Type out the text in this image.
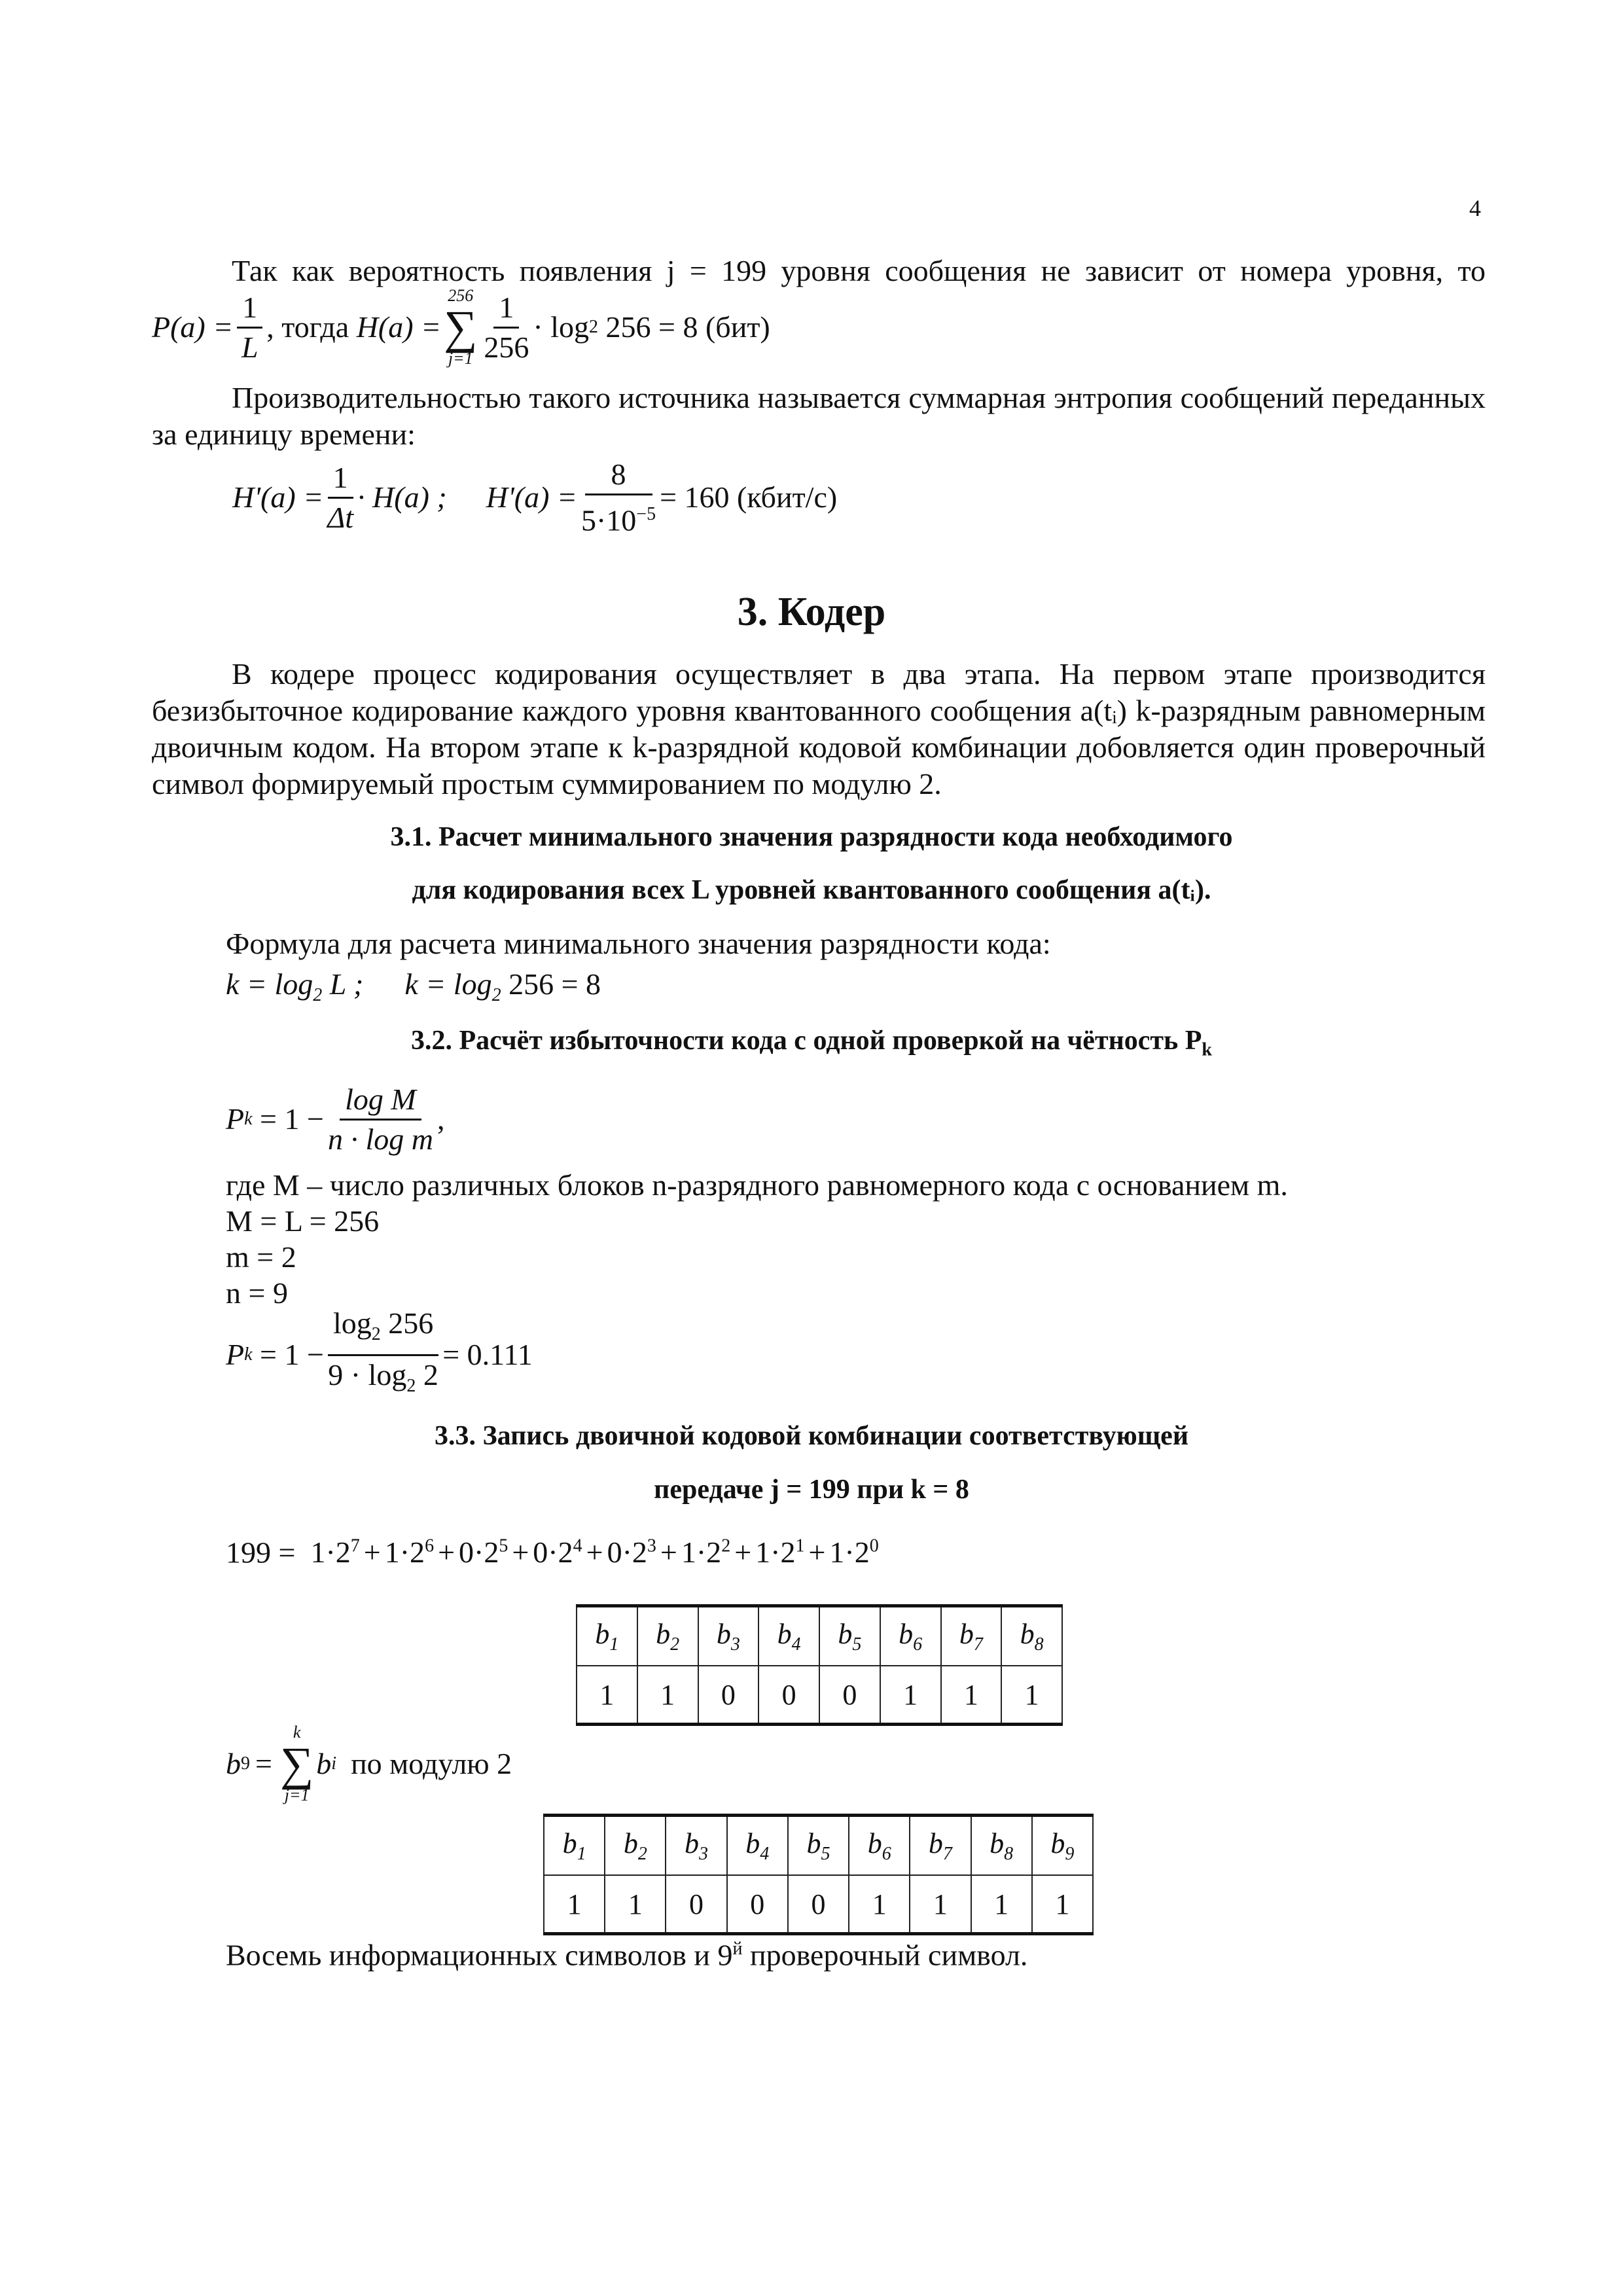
4
Так как вероятность появления j = 199 уровня сообщения не зависит от номера уровня, то
$P(a) = \frac{1}{L}$ , тогда
H(a) =
256
∑
$j=1 \frac{1}{256} \cdot \log 2$ 256 = 8 (бит)
Производительностью такого источника называется суммарная энтропия сообщений переданных за единицу времени:
$H'(a) = \frac{1}{\Delta t} \cdot H(a)$ ; $H'(a) = \frac{8}{5\cdot 10^{-5}} = 160$ (кбит/с)
3. Кодер
В кодере процесс кодирования осуществляет в два этапа. На первом этапе производится безизбыточное кодирование каждого уровня квантованного сообщения a(tᵢ) k-разрядным равномерным двоичным кодом. На втором этапе к k-разрядной кодовой комбинации добовляется один проверочный символ формируемый простым суммированием по модулю 2.
3.1. Расчет минимального значения разрядности кода необходимого
для кодирования всех L уровней квантованного сообщения a(tᵢ).
Формула для расчета минимального значения разрядности кода:
$k = \log_2 L$ ; $k = \log_2 256 = 8$
3.2. Расчёт избыточности кода с одной проверкой на чётность $P_k$
P $k = 1 - \frac{\text{log M}}{\text{n · log m}}$ ,
где M – число различных блоков n-разрядного равномерного кода с основанием m.
M = L = 256
m = 2
n = 9
P $k = 1 - \frac{\log_2 256}{9 \cdot \log_2 2} = 0.111$
3.3. Запись двоичной кодовой комбинации соответствующей
передаче j = 199 при k = 8
$199 = 1\cdot 2^7 + 1\cdot 2^6 + 0\cdot 2^5 + 0\cdot 2^4 + 0\cdot 2^3 + 1\cdot 2^2 + 1\cdot 2^1 + 1\cdot 2^0$
$b_1$	$b_2$	$b_3$	$b_4$	$b_5$	$b_6$	$b_7$	$b_8$
1	1	0	0	0	1	1	1
b 9 =
k
∑
j=1
b i по модулю 2
$b_1$	$b_2$	$b_3$	$b_4$	$b_5$	$b_6$	$b_7$	$b_8$	$b_9$
1	1	0	0	0	1	1	1	1
Восемь информационных символов и $9^й$ проверочный символ.
